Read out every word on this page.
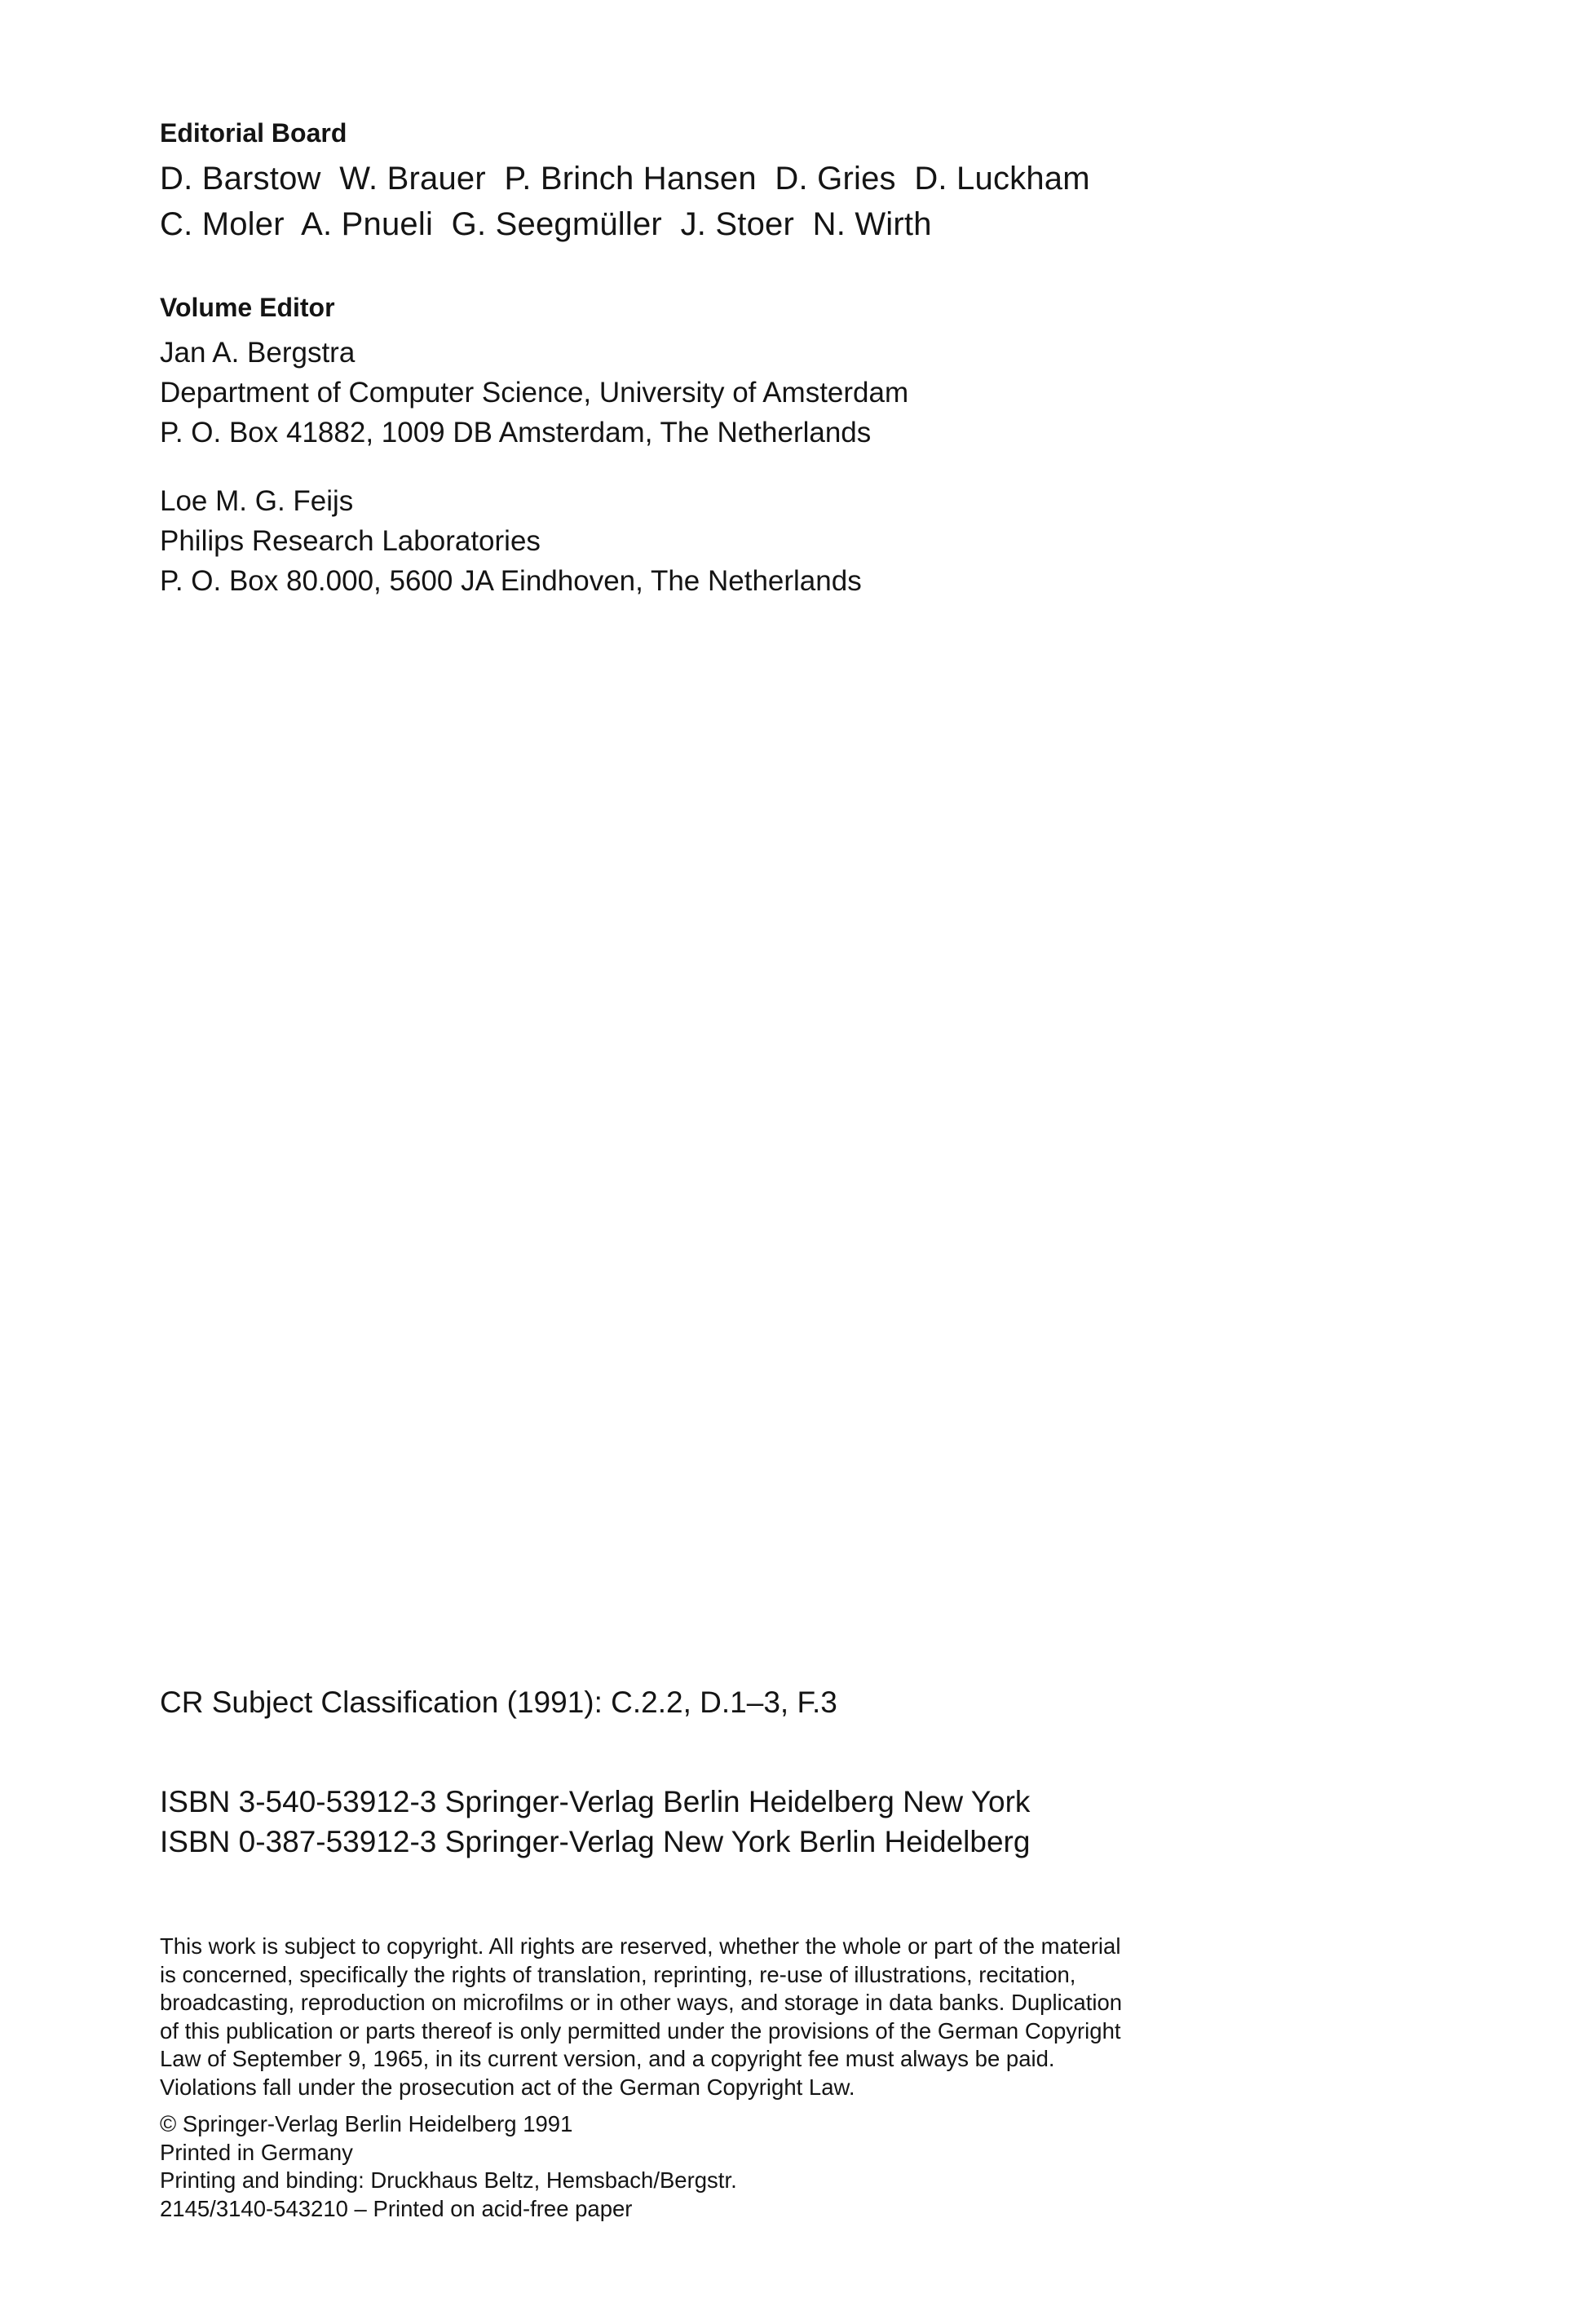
Editorial Board
D. Barstow  W. Brauer  P. Brinch Hansen  D. Gries  D. Luckham
C. Moler  A. Pnueli  G. Seegmüller  J. Stoer  N. Wirth
Volume Editor
Jan A. Bergstra
Department of Computer Science, University of Amsterdam
P. O. Box 41882, 1009 DB Amsterdam, The Netherlands
Loe M. G. Feijs
Philips Research Laboratories
P. O. Box 80.000, 5600 JA Eindhoven, The Netherlands
CR Subject Classification (1991): C.2.2, D.1–3, F.3
ISBN 3-540-53912-3 Springer-Verlag Berlin Heidelberg New York
ISBN 0-387-53912-3 Springer-Verlag New York Berlin Heidelberg
This work is subject to copyright. All rights are reserved, whether the whole or part of the material
is concerned, specifically the rights of translation, reprinting, re-use of illustrations, recitation,
broadcasting, reproduction on microfilms or in other ways, and storage in data banks. Duplication
of this publication or parts thereof is only permitted under the provisions of the German Copyright
Law of September 9, 1965, in its current version, and a copyright fee must always be paid.
Violations fall under the prosecution act of the German Copyright Law.
© Springer-Verlag Berlin Heidelberg 1991
Printed in Germany
Printing and binding: Druckhaus Beltz, Hemsbach/Bergstr.
2145/3140-543210 – Printed on acid-free paper
